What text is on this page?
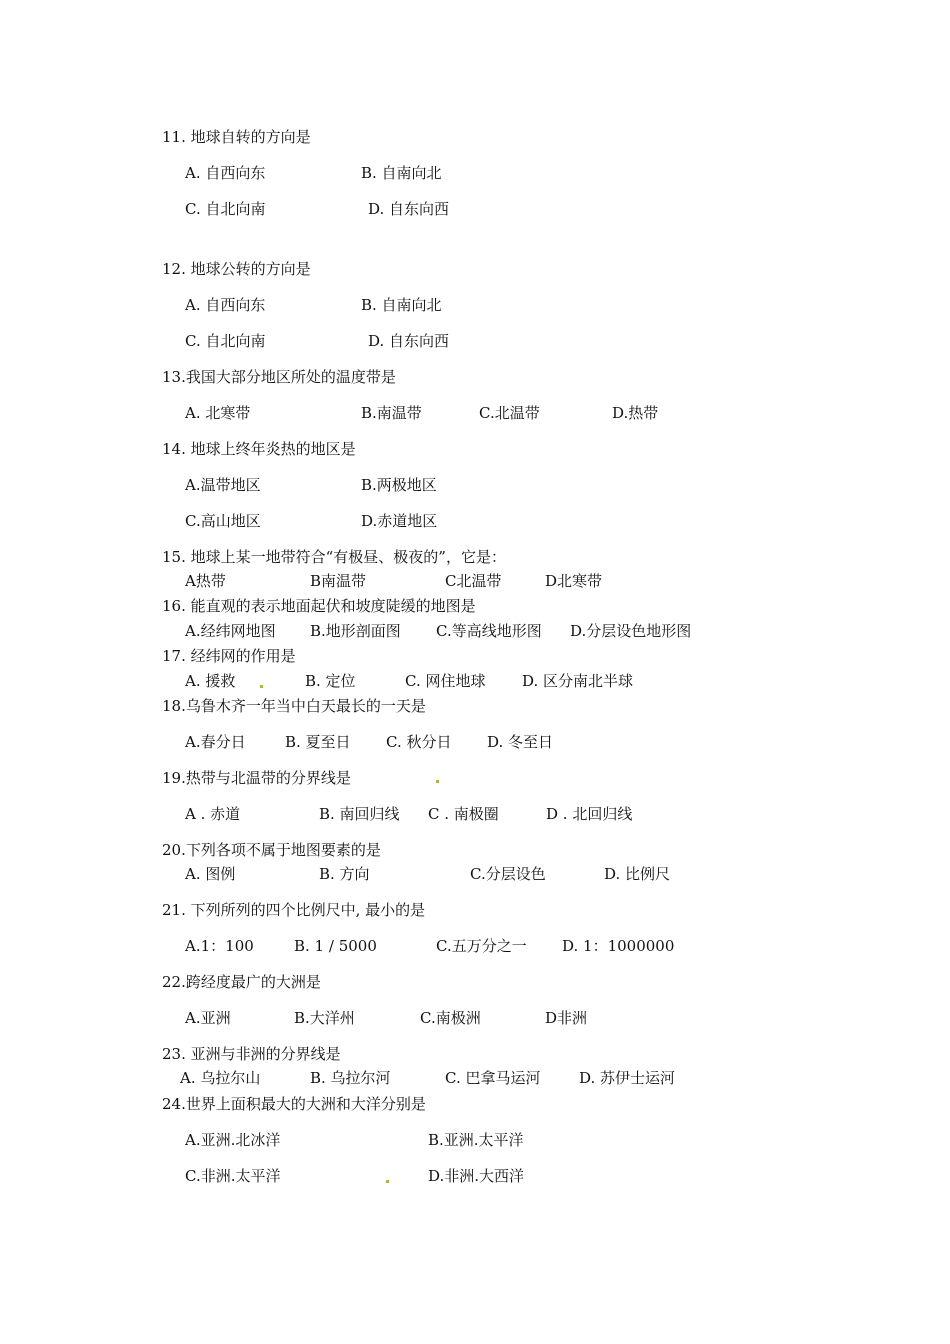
11. 地球自转的方向是
A. 自西向东	B. 自南向北
C. 自北向南	D. 自东向西
12. 地球公转的方向是
A. 自西向东	B. 自南向北
C. 自北向南	D. 自东向西
13.我国大部分地区所处的温度带是
A. 北寒带	B.南温带	C.北温带	D.热带
14. 地球上终年炎热的地区是
A.温带地区	B.两极地区
C.高山地区	D.赤道地区
15. 地球上某一地带符合“有极昼、极夜的”，它是：
A热带	B南温带	C北温带	D北寒带
16. 能直观的表示地面起伏和坡度陡缓的地图是
A.经纬网地图 B.地形剖面图 C.等高线地形图 D.分层设色地形图
17. 经纬网的作用是
A. 援救	B. 定位	C. 网住地球 D. 区分南北半球
18.乌鲁木齐一年当中白天最长的一天是
A.春分日	B. 夏至日 C. 秋分日 D. 冬至日
19.热带与北温带的分界线是
A . 赤道	B. 南回归线 C . 南极圈	D . 北回归线
20.下列各项不属于地图要素的是
A. 图例	B. 方向	C.分层设色	D. 比例尺
21. 下列所列的四个比例尺中, 最小的是
A.1：100	B. 1 / 5000	C.五万分之一 D. 1：1000000
22.跨经度最广的大洲是
A.亚洲	B.大洋州	C.南极洲	D非洲
23. 亚洲与非洲的分界线是
A. 乌拉尔山	B. 乌拉尔河	C. 巴拿马运河	D. 苏伊士运河
24.世界上面积最大的大洲和大洋分别是
A.亚洲.北冰洋	B.亚洲.太平洋
C.非洲.太平洋	D.非洲.大西洋
